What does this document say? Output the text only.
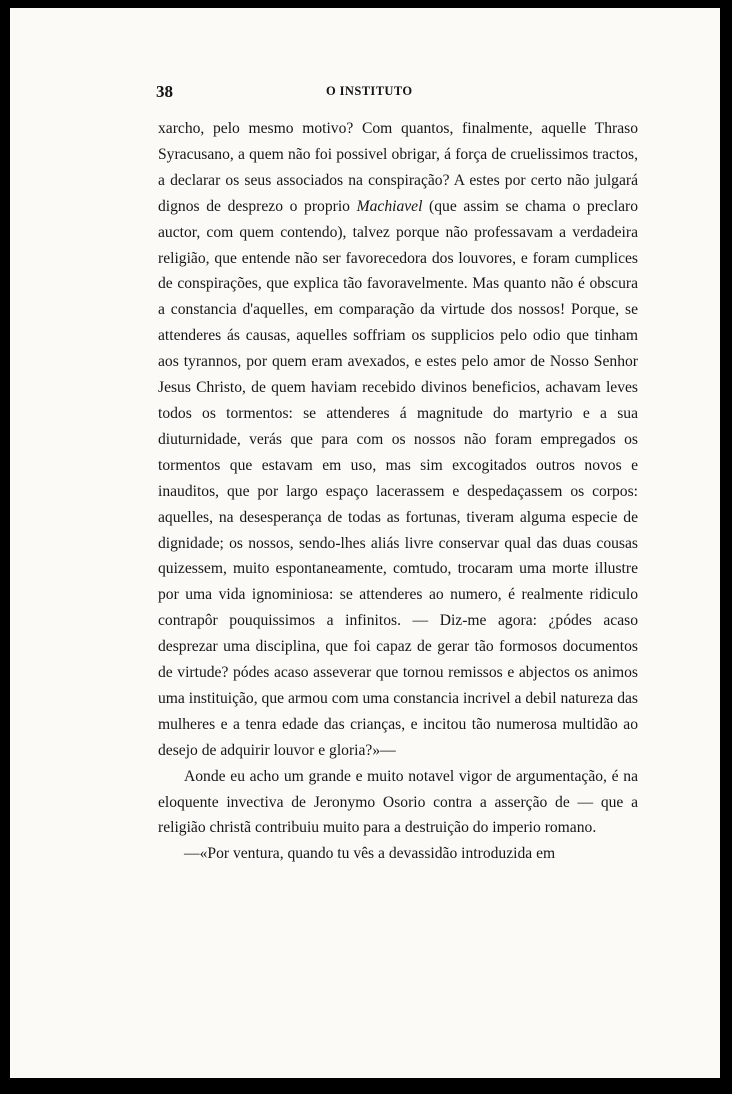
38	O INSTITUTO

xarcho, pelo mesmo motivo? Com quantos, finalmente, aquelle Thraso Syracusano, a quem não foi possivel obrigar, á força de cruelissimos tractos, a declarar os seus associados na conspiração? A estes por certo não julgará dignos de desprezo o proprio Machiavel (que assim se chama o preclaro auctor, com quem contendo), talvez porque não professavam a verdadeira religião, que entende não ser favorecedora dos louvores, e foram cumplices de conspirações, que explica tão favoravelmente. Mas quanto não é obscura a constancia d'aquelles, em comparação da virtude dos nossos! Porque, se attenderes ás causas, aquelles soffriam os supplicios pelo odio que tinham aos tyrannos, por quem eram avexados, e estes pelo amor de Nosso Senhor Jesus Christo, de quem haviam recebido divinos beneficios, achavam leves todos os tormentos: se attenderes á magnitude do martyrio e a sua diuturnidade, verás que para com os nossos não foram empregados os tormentos que estavam em uso, mas sim excogitados outros novos e inauditos, que por largo espaço lacerassem e despedaçassem os corpos: aquelles, na desesperança de todas as fortunas, tiveram alguma especie de dignidade; os nossos, sendo-lhes aliás livre conservar qual das duas cousas quizessem, muito espontaneamente, comtudo, trocaram uma morte illustre por uma vida ignominiosa: se attenderes ao numero, é realmente ridiculo contrapôr pouquissimos a infinitos. — Diz-me agora: ¿pódes acaso desprezar uma disciplina, que foi capaz de gerar tão formosos documentos de virtude? pódes acaso asseverar que tornou remissos e abjectos os animos uma instituição, que armou com uma constancia incrivel a debil natureza das mulheres e a tenra edade das crianças, e incitou tão numerosa multidão ao desejo de adquirir louvor e gloria?»—

Aonde eu acho um grande e muito notavel vigor de argumentação, é na eloquente invectiva de Jeronymo Osorio contra a asserção de — que a religião christã contribuiu muito para a destruição do imperio romano.

—«Por ventura, quando tu vês a devassidão introduzida em
